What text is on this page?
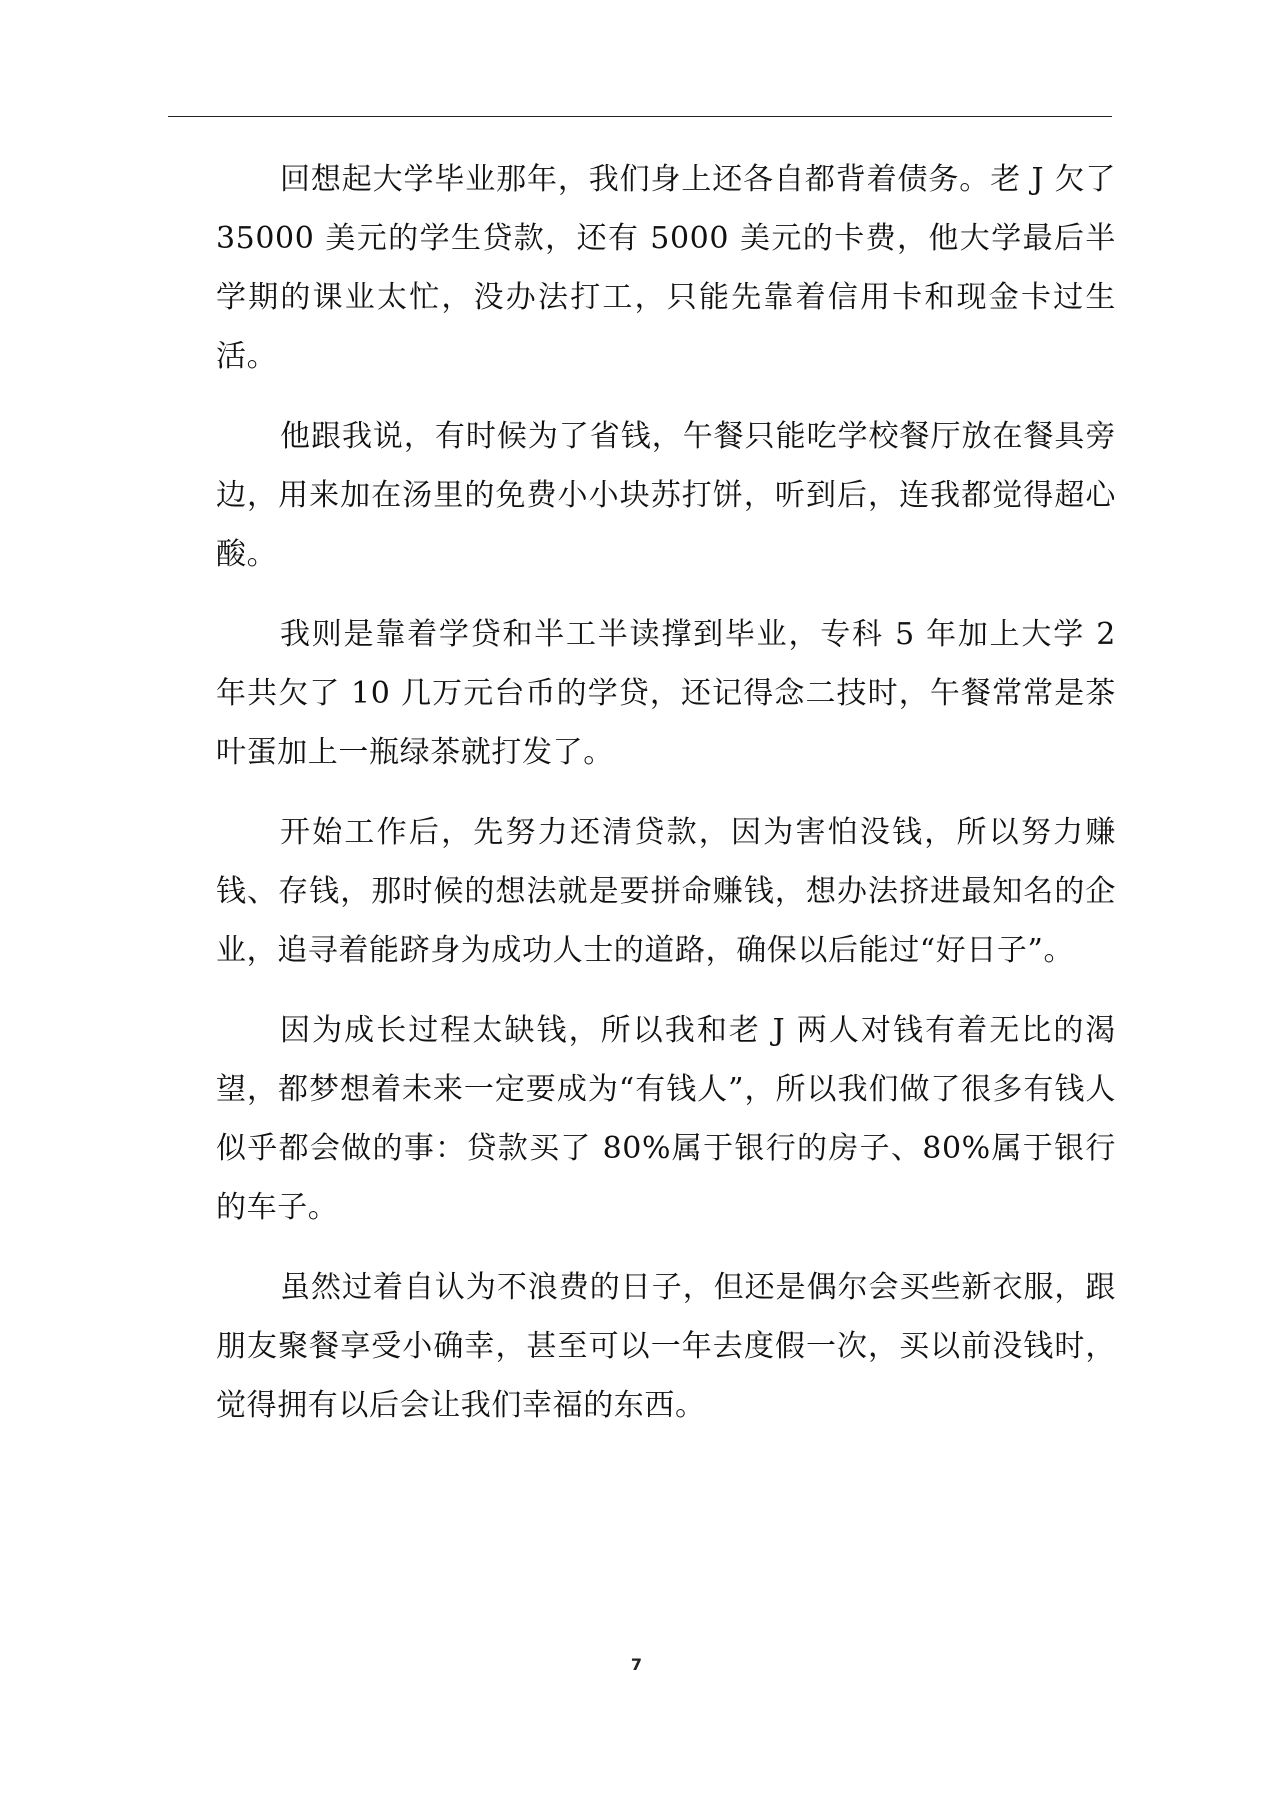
回想起大学毕业那年，我们身上还各自都背着债务。老 J 欠了 35000 美元的学生贷款，还有 5000 美元的卡费，他大学最后半学期的课业太忙，没办法打工，只能先靠着信用卡和现金卡过生活。

他跟我说，有时候为了省钱，午餐只能吃学校餐厅放在餐具旁边，用来加在汤里的免费小小块苏打饼，听到后，连我都觉得超心酸。

我则是靠着学贷和半工半读撑到毕业，专科 5 年加上大学 2 年共欠了 10 几万元台币的学贷，还记得念二技时，午餐常常是茶叶蛋加上一瓶绿茶就打发了。

开始工作后，先努力还清贷款，因为害怕没钱，所以努力赚钱、存钱，那时候的想法就是要拼命赚钱，想办法挤进最知名的企业，追寻着能跻身为成功人士的道路，确保以后能过“好日子”。

因为成长过程太缺钱，所以我和老 J 两人对钱有着无比的渴望，都梦想着未来一定要成为“有钱人”，所以我们做了很多有钱人似乎都会做的事：贷款买了 80%属于银行的房子、80%属于银行的车子。

虽然过着自认为不浪费的日子，但还是偶尔会买些新衣服，跟朋友聚餐享受小确幸，甚至可以一年去度假一次，买以前没钱时，觉得拥有以后会让我们幸福的东西。

7
